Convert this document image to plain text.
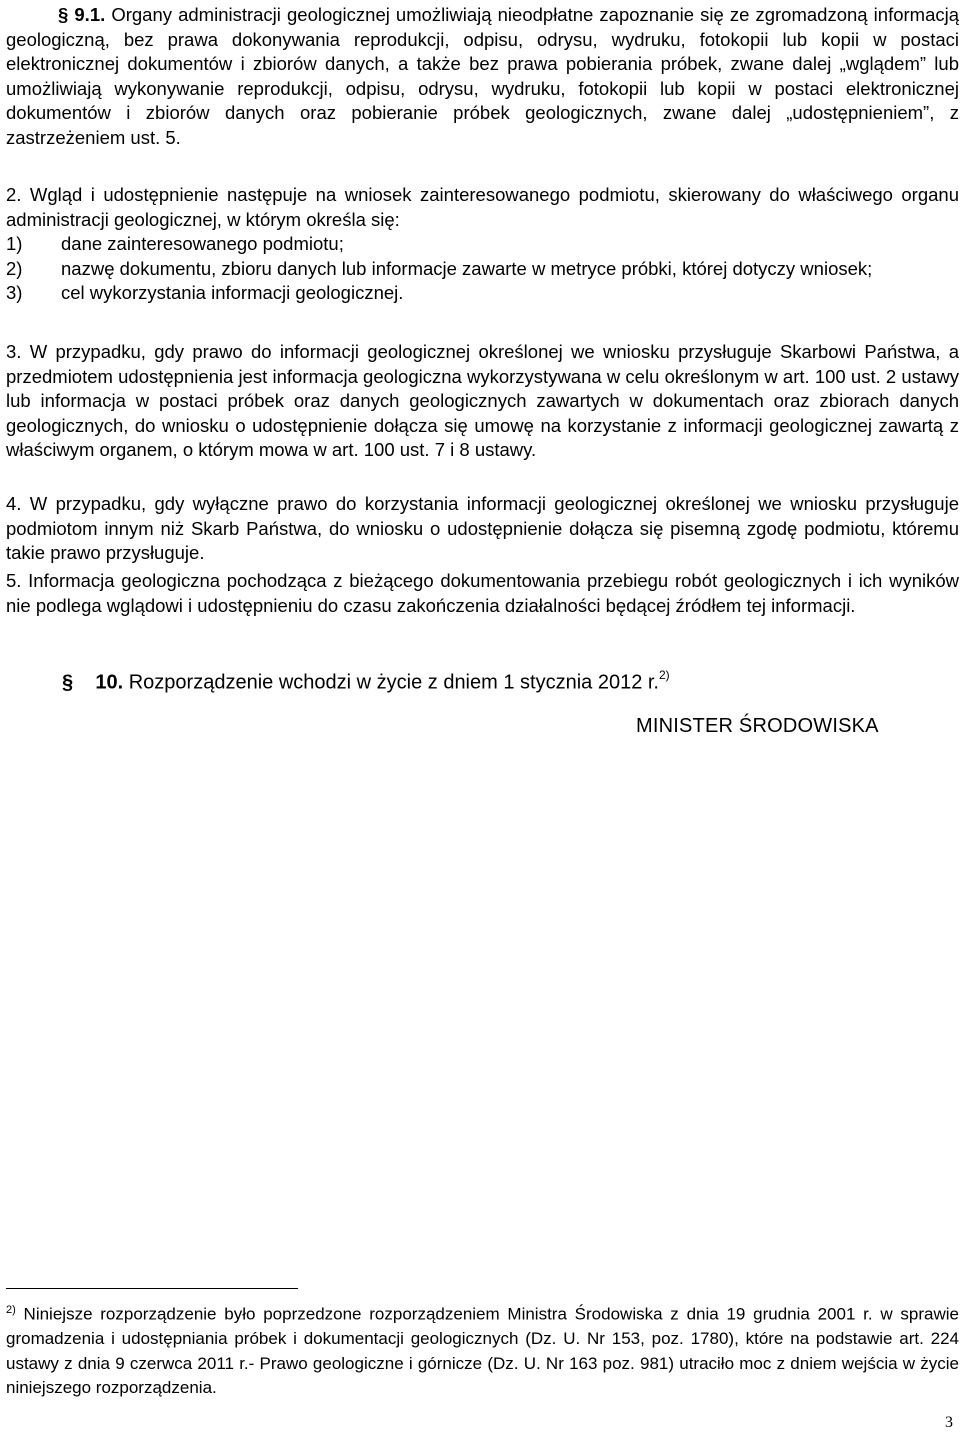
§ 9.1. Organy administracji geologicznej umożliwiają nieodpłatne zapoznanie się ze zgromadzoną informacją geologiczną, bez prawa dokonywania reprodukcji, odpisu, odrysu, wydruku, fotokopii lub kopii w postaci elektronicznej dokumentów i zbiorów danych, a także bez prawa pobierania próbek, zwane dalej „wglądem” lub umożliwiają wykonywanie reprodukcji, odpisu, odrysu, wydruku, fotokopii lub kopii w postaci elektronicznej dokumentów i zbiorów danych oraz pobieranie próbek geologicznych, zwane dalej „udostępnieniem”, z zastrzeżeniem ust. 5.

2. Wgląd i udostępnienie następuje na wniosek zainteresowanego podmiotu, skierowany do właściwego organu administracji geologicznej, w którym określa się:

1) dane zainteresowanego podmiotu;

2) nazwę dokumentu, zbioru danych lub informacje zawarte w metryce próbki, której dotyczy wniosek;

3) cel wykorzystania informacji geologicznej.

3. W przypadku, gdy prawo do informacji geologicznej określonej we wniosku przysługuje Skarbowi Państwa, a przedmiotem udostępnienia jest informacja geologiczna wykorzystywana w celu określonym w art. 100 ust. 2 ustawy lub informacja w postaci próbek oraz danych geologicznych zawartych w dokumentach oraz zbiorach danych geologicznych, do wniosku o udostępnienie dołącza się umowę na korzystanie z informacji geologicznej zawartą z właściwym organem, o którym mowa w art. 100 ust. 7 i 8 ustawy.

4. W przypadku, gdy wyłączne prawo do korzystania informacji geologicznej określonej we wniosku przysługuje podmiotom innym niż Skarb Państwa, do wniosku o udostępnienie dołącza się pisemną zgodę podmiotu, któremu takie prawo przysługuje.

5. Informacja geologiczna pochodząca z bieżącego dokumentowania przebiegu robót geologicznych i ich wyników nie podlega wglądowi i udostępnieniu do czasu zakończenia działalności będącej źródłem tej informacji.

§ 10. Rozporządzenie wchodzi w życie z dniem 1 stycznia 2012 r.$^{2)}$
MINISTER ŚRODOWISKA

$^{2)}$ Niniejsze rozporządzenie było poprzedzone rozporządzeniem Ministra Środowiska z dnia 19 grudnia 2001 r. w sprawie gromadzenia i udostępniania próbek i dokumentacji geologicznych (Dz. U. Nr 153, poz. 1780), które na podstawie art. 224 ustawy z dnia 9 czerwca 2011 r.- Prawo geologiczne i górnicze (Dz. U. Nr 163 poz. 981) utraciło moc z dniem wejścia w życie niniejszego rozporządzenia.

3
